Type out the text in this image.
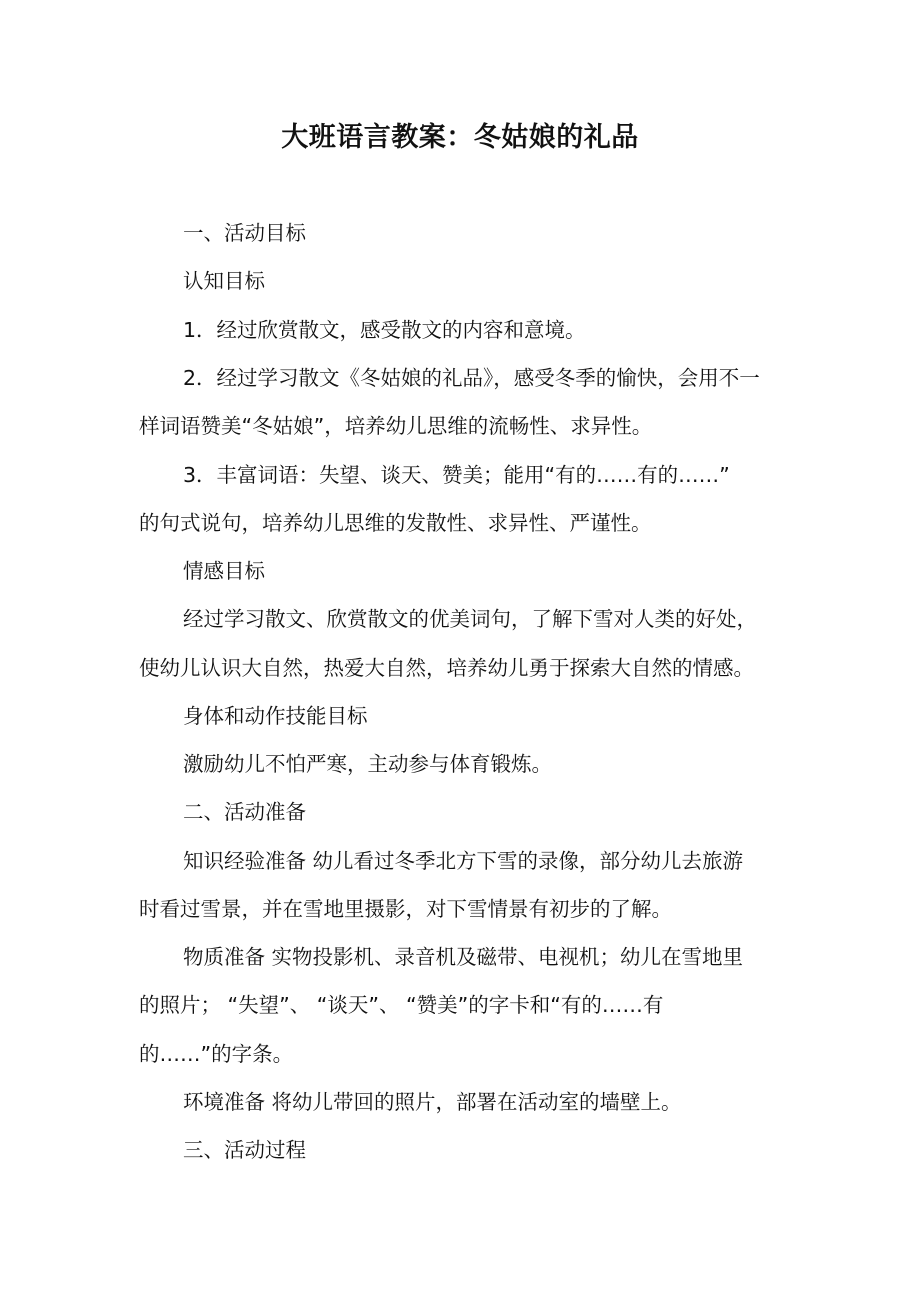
大班语言教案：冬姑娘的礼品
一、活动目标
认知目标
1．经过欣赏散文，感受散文的内容和意境。
2．经过学习散文《冬姑娘的礼品》，感受冬季的愉快，会用不一
样词语赞美“冬姑娘”，培养幼儿思维的流畅性、求异性。
3．丰富词语：失望、谈天、赞美；能用“有的……有的……”
的句式说句，培养幼儿思维的发散性、求异性、严谨性。
情感目标
经过学习散文、欣赏散文的优美词句，了解下雪对人类的好处，
使幼儿认识大自然，热爱大自然，培养幼儿勇于探索大自然的情感。
身体和动作技能目标
激励幼儿不怕严寒，主动参与体育锻炼。
二、活动准备
知识经验准备 幼儿看过冬季北方下雪的录像，部分幼儿去旅游
时看过雪景，并在雪地里摄影，对下雪情景有初步的了解。
物质准备 实物投影机、录音机及磁带、电视机；幼儿在雪地里
的照片； “失望”、 “谈天”、 “赞美”的字卡和“有的……有
的……”的字条。
环境准备 将幼儿带回的照片，部署在活动室的墙壁上。
三、活动过程
